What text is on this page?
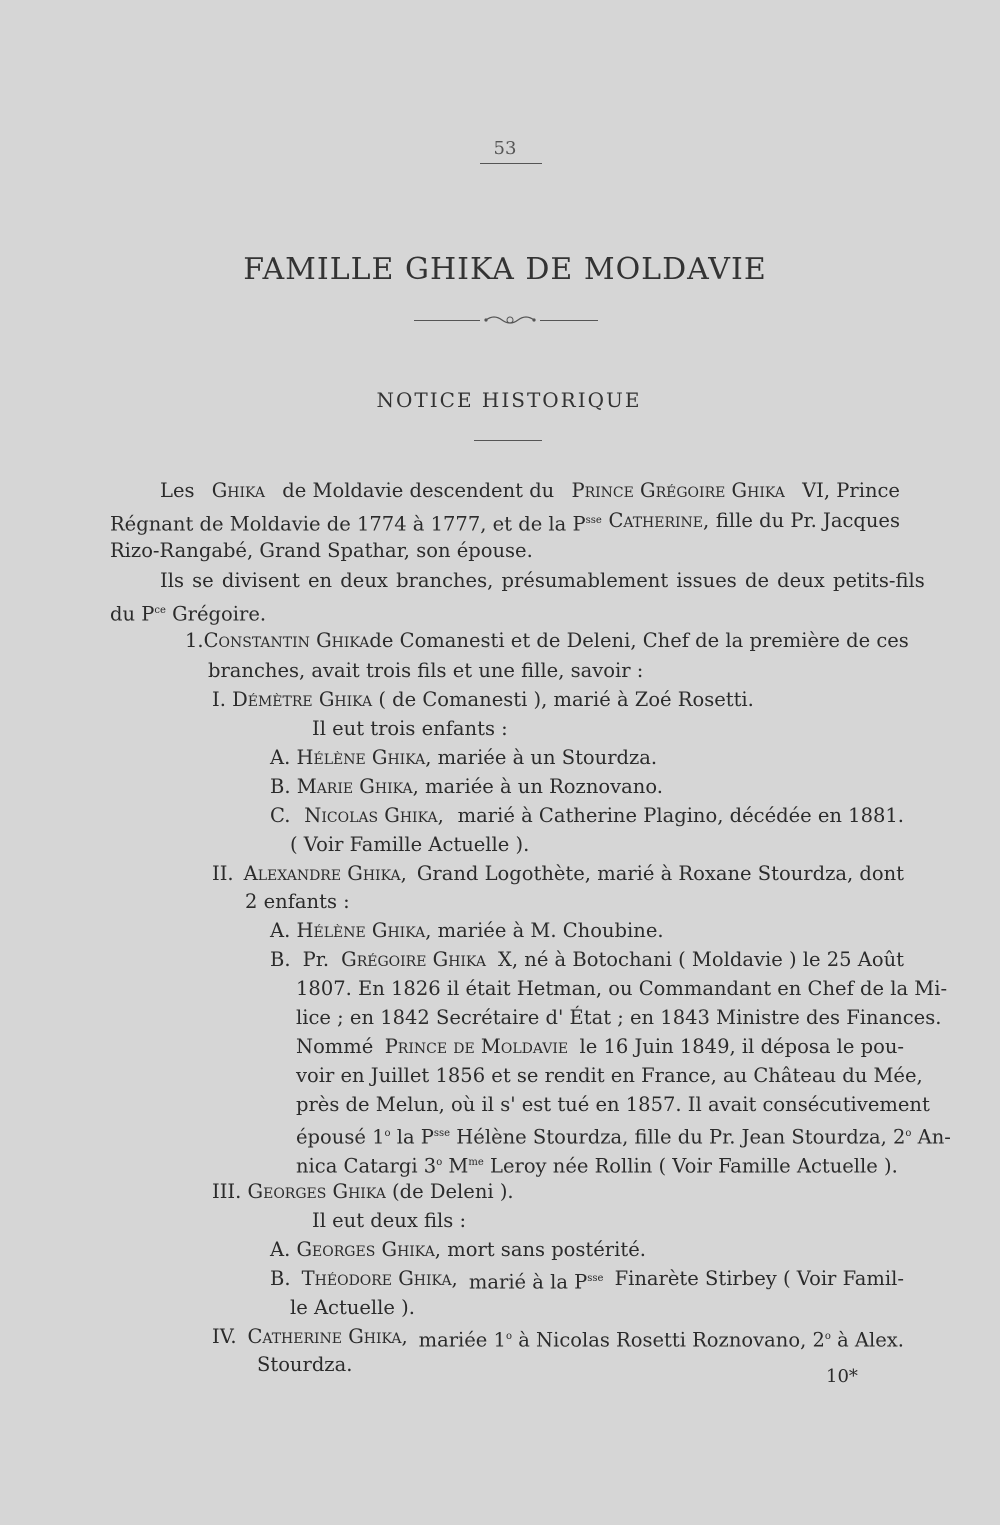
53
FAMILLE GHIKA DE MOLDAVIE
NOTICE HISTORIQUE
Les Ghika de Moldavie descendent du Prince Grégoire Ghika VI, Prince
Régnant de Moldavie de 1774 à 1777, et de la $P^{sse}$ Catherine, fille du Pr. Jacques
Rizo-Rangabé, Grand Spathar, son épouse.
Ils se divisent en deux branches, présumablement issues de deux petits-fils
du $P^{ce}$ Grégoire.
1. Constantin Ghika de Comanesti et de Deleni, Chef de la première de ces
branches, avait trois fils et une fille, savoir :
I. Démètre Ghika ( de Comanesti ), marié à Zoé Rosetti.
Il eut trois enfants :
A. Hélène Ghika, mariée à un Stourdza.
B. Marie Ghika, mariée à un Roznovano.
C. Nicolas Ghika, marié à Catherine Plagino, décédée en 1881.
( Voir Famille Actuelle ).
II. Alexandre Ghika, Grand Logothète, marié à Roxane Stourdza, dont
2 enfants :
A. Hélène Ghika, mariée à M. Choubine.
B. Pr. Grégoire Ghika X, né à Botochani ( Moldavie ) le 25 Août
1807. En 1826 il était Hetman, ou Commandant en Chef de la Mi-
lice ; en 1842 Secrétaire d' État ; en 1843 Ministre des Finances.
Nommé Prince de Moldavie le 16 Juin 1849, il déposa le pou-
voir en Juillet 1856 et se rendit en France, au Château du Mée,
près de Melun, où il s' est tué en 1857. Il avait consécutivement
épousé 1$^o$ la $P^{sse}$ Hélène Stourdza, fille du Pr. Jean Stourdza, 2$^o$ An-
nica Catargi 3$^o$ $M^{me}$ Leroy née Rollin ( Voir Famille Actuelle ).
III. Georges Ghika (de Deleni ).
Il eut deux fils :
A. Georges Ghika, mort sans postérité.
B. Théodore Ghika, marié à la $P^{sse}$ Finarète Stirbey ( Voir Famil-
le Actuelle ).
IV. Catherine Ghika, mariée 1$^o$ à Nicolas Rosetti Roznovano, 2$^o$ à Alex.
Stourdza.
10*
